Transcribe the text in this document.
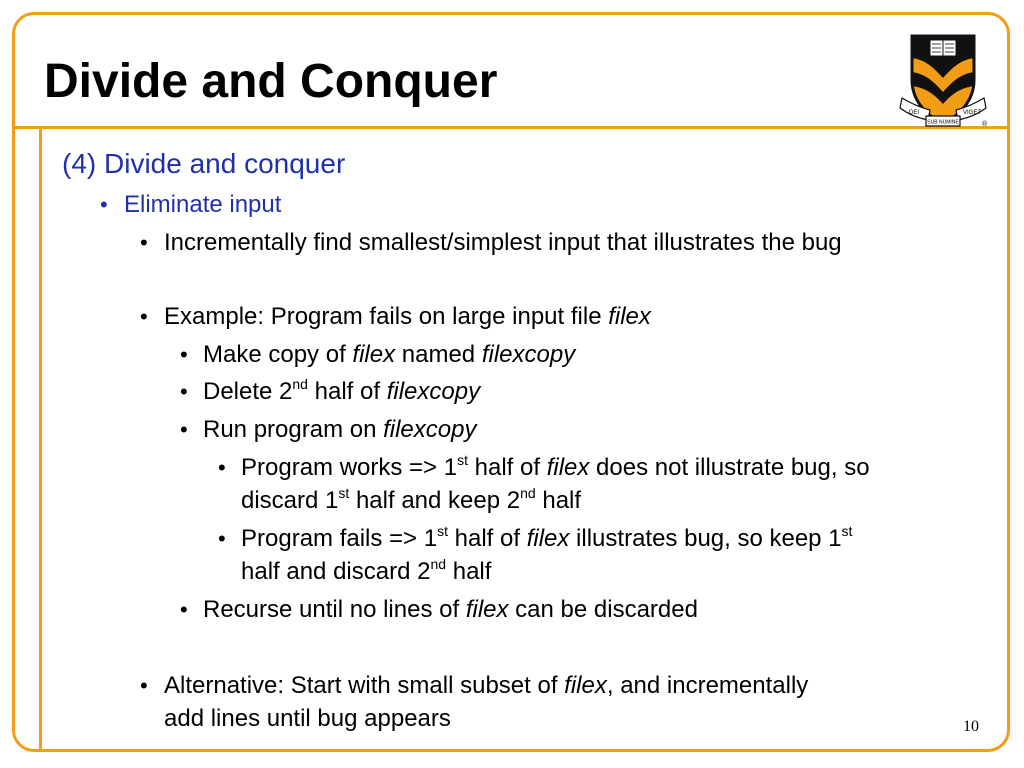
Divide and Conquer
DEI
SUB NUMINE
VIGET
®
(4) Divide and conquer
• Eliminate input
• Incrementally find smallest/simplest input that illustrates the bug
• Example: Program fails on large input file filex
• Make copy of filex named filexcopy
• Delete 2nd half of filexcopy
• Run program on filexcopy
• Program works => 1st half of filex does not illustrate bug, so
discard 1st half and keep 2nd half
• Program fails => 1st half of filex illustrates bug, so keep 1st
half and discard 2nd half
• Recurse until no lines of filex can be discarded
• Alternative: Start with small subset of filex, and incrementally
add lines until bug appears	10
